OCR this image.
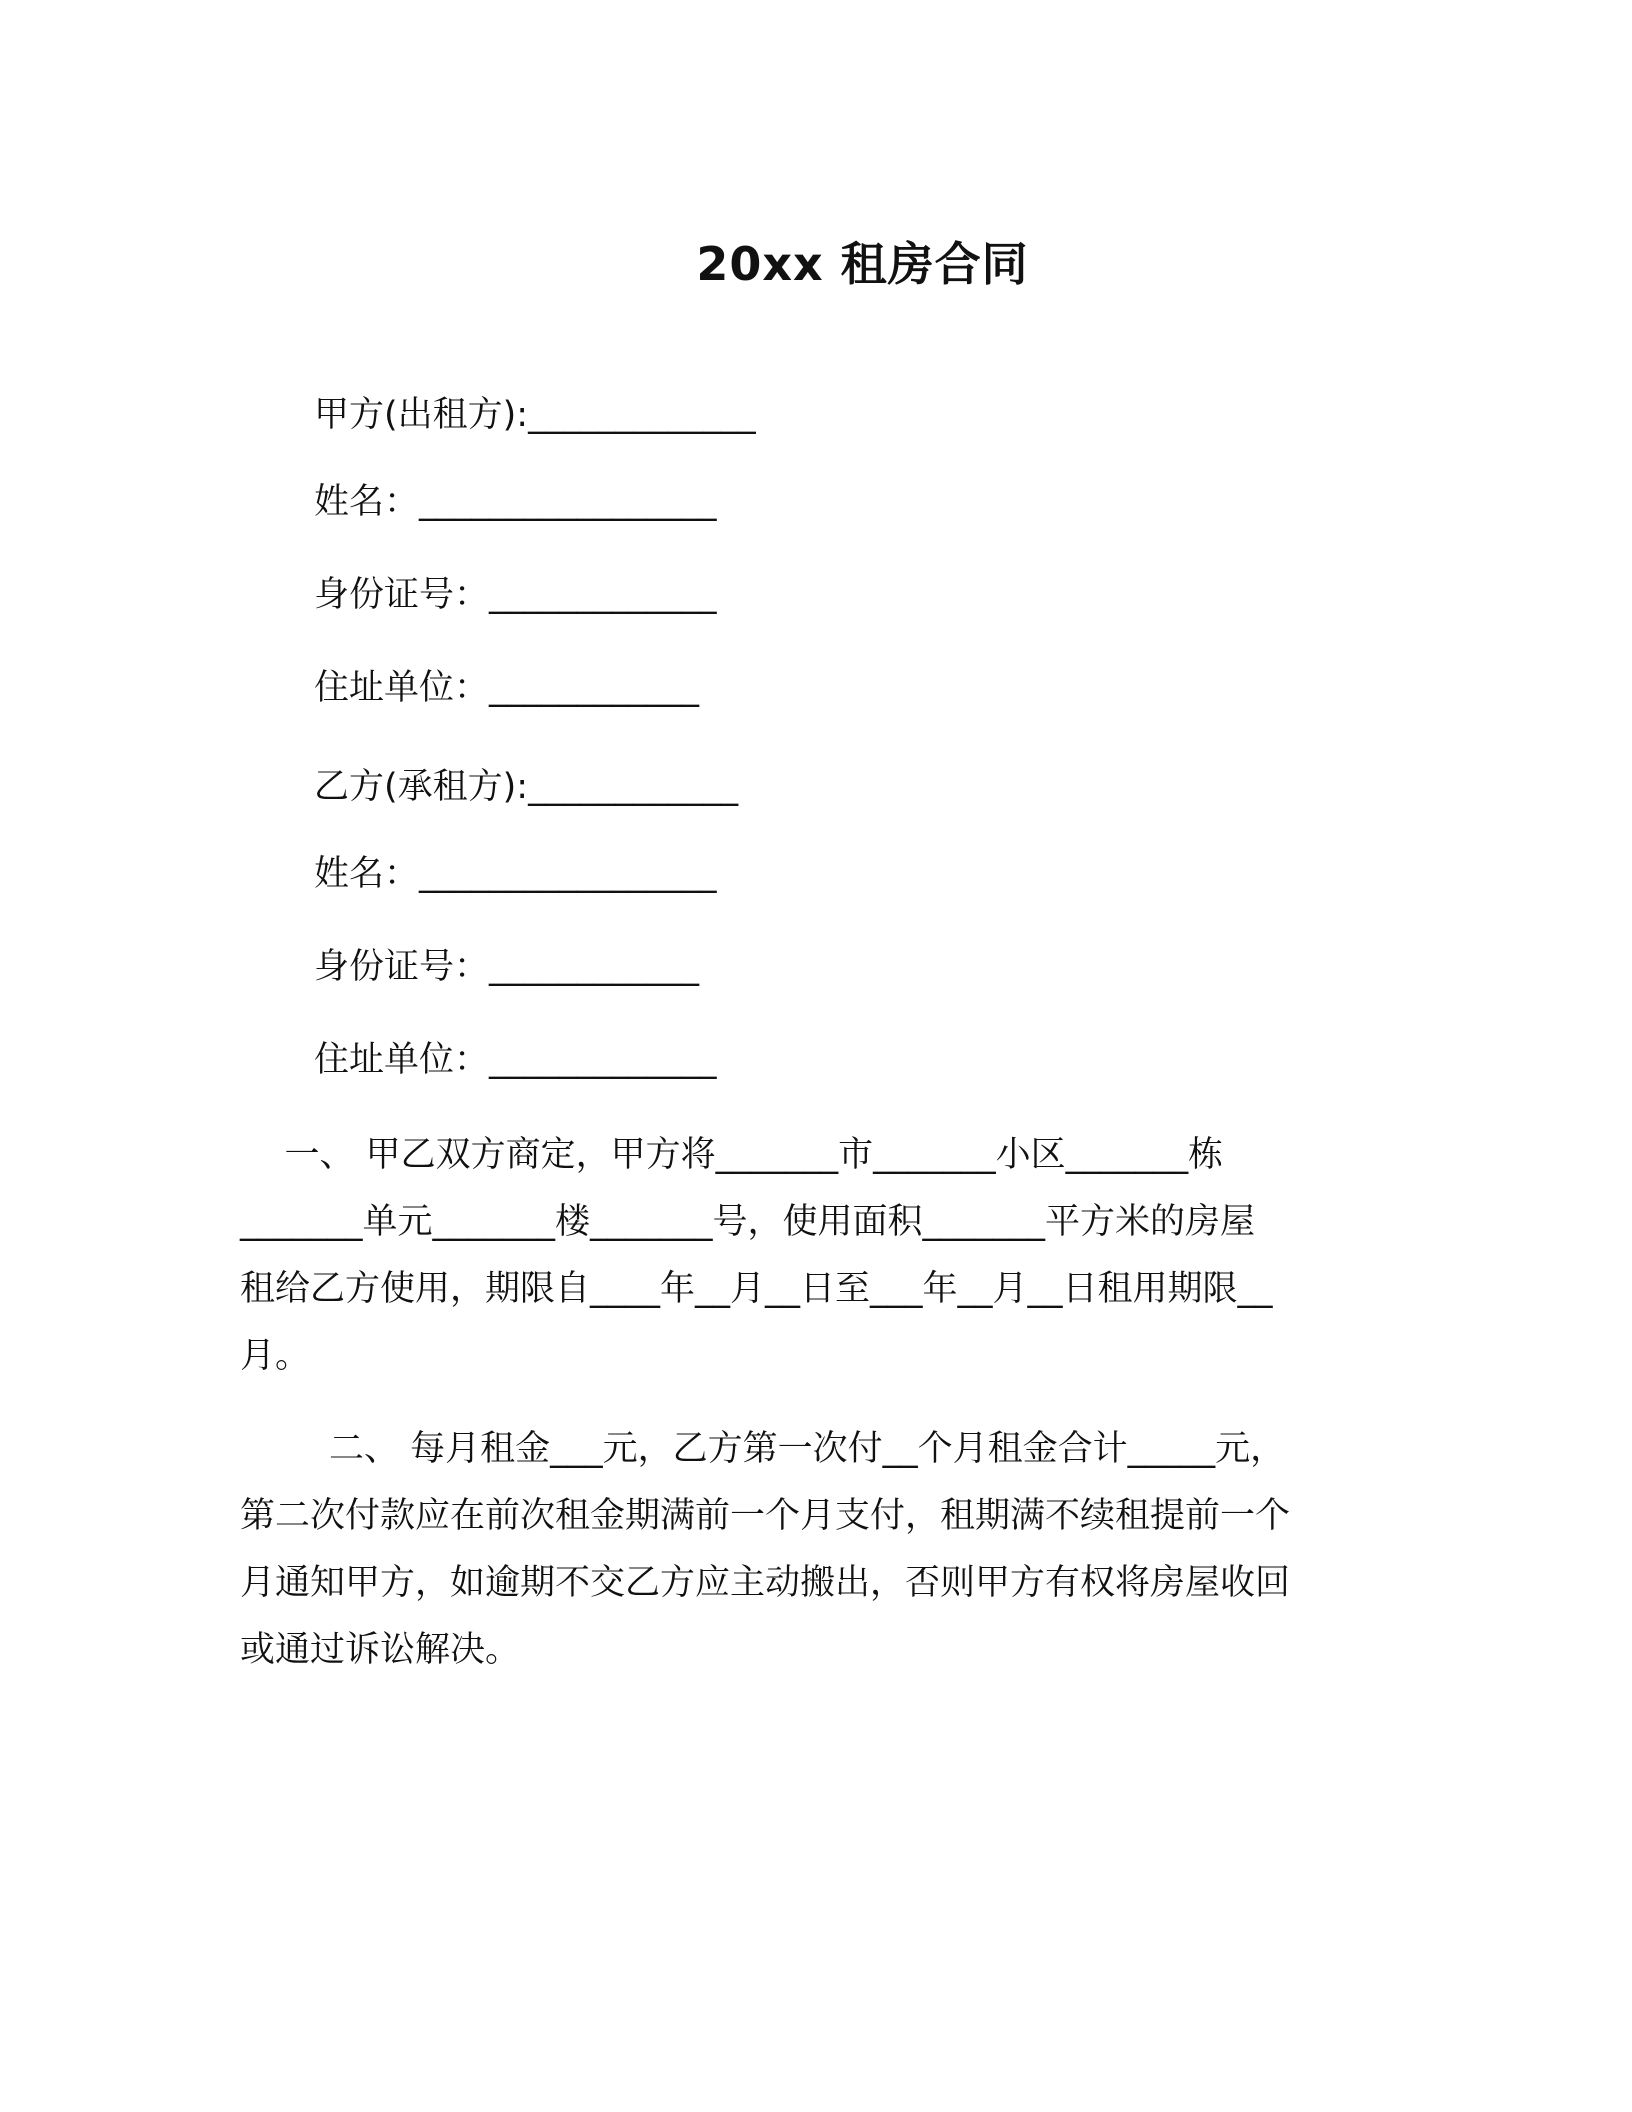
20xx 租房合同
甲方(出租方):_____________
姓名：_________________
身份证号：_____________
住址单位：____________
乙方(承租方):____________
姓名：_________________
身份证号：____________
住址单位：_____________
一、 甲乙双方商定，甲方将_______市_______小区_______栋
_______单元_______楼_______号，使用面积_______平方米的房屋
租给乙方使用，期限自____年__月__日至___年__月__日租用期限__
月。
二、 每月租金___元，乙方第一次付__个月租金合计_____元，
第二次付款应在前次租金期满前一个月支付，租期满不续租提前一个
月通知甲方，如逾期不交乙方应主动搬出，否则甲方有权将房屋收回
或通过诉讼解决。
